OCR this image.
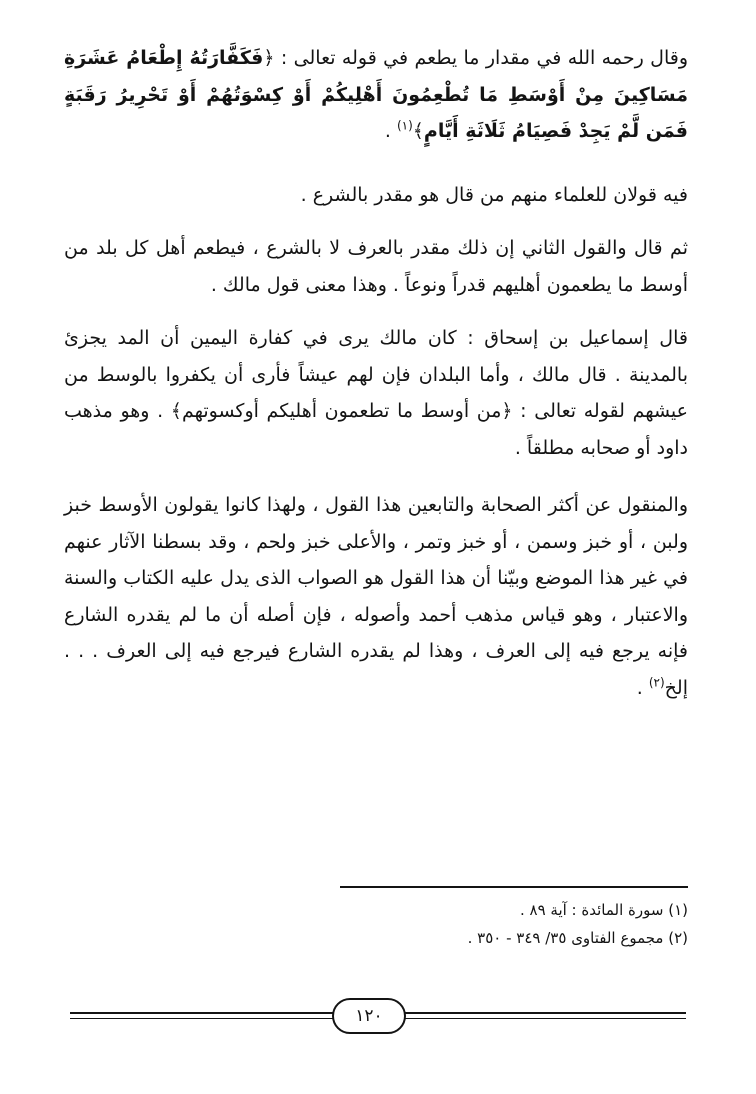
وقال رحمه الله في مقدار ما يطعم في قوله تعالى : ﴿فَكَفَّارَتُهُ إِطْعَامُ عَشَرَةِ مَسَاكِينَ مِنْ أَوْسَطِ مَا تُطْعِمُونَ أَهْلِيكُمْ أَوْ كِسْوَتُهُمْ أَوْ تَحْرِيرُ رَقَبَةٍ فَمَن لَّمْ يَجِدْ فَصِيَامُ ثَلَاثَةِ أَيَّامٍ﴾$^{(١)}$ .

فيه قولان للعلماء منهم من قال هو مقدر بالشرع .

ثم قال والقول الثاني إن ذلك مقدر بالعرف لا بالشرع ، فيطعم أهل كل بلد من أوسط ما يطعمون أهليهم قدراً ونوعاً . وهذا معنى قول مالك .

قال إسماعيل بن إسحاق : كان مالك يرى في كفارة اليمين أن المد يجزئ بالمدينة . قال مالك ، وأما البلدان فإن لهم عيشاً فأرى أن يكفروا بالوسط من عيشهم لقوله تعالى : ﴿من أوسط ما تطعمون أهليكم أوكسوتهم﴾ . وهو مذهب داود أو صحابه مطلقاً .

والمنقول عن أكثر الصحابة والتابعين هذا القول ، ولهذا كانوا يقولون الأوسط خبز ولبن ، أو خبز وسمن ، أو خبز وتمر ، والأعلى خبز ولحم ، وقد بسطنا الآثار عنهم في غير هذا الموضع وبيّنا أن هذا القول هو الصواب الذى يدل عليه الكتاب والسنة والاعتبار ، وهو قياس مذهب أحمد وأصوله ، فإن أصله أن ما لم يقدره الشارع فإنه يرجع فيه إلى العرف ، وهذا لم يقدره الشارع فيرجع فيه إلى العرف . . . إلخ$^{(٢)}$ .

(١) سورة المائدة : آية ٨٩ .
(٢) مجموع الفتاوى ٣٥/ ٣٤٩ - ٣٥٠ .
١٢٠
